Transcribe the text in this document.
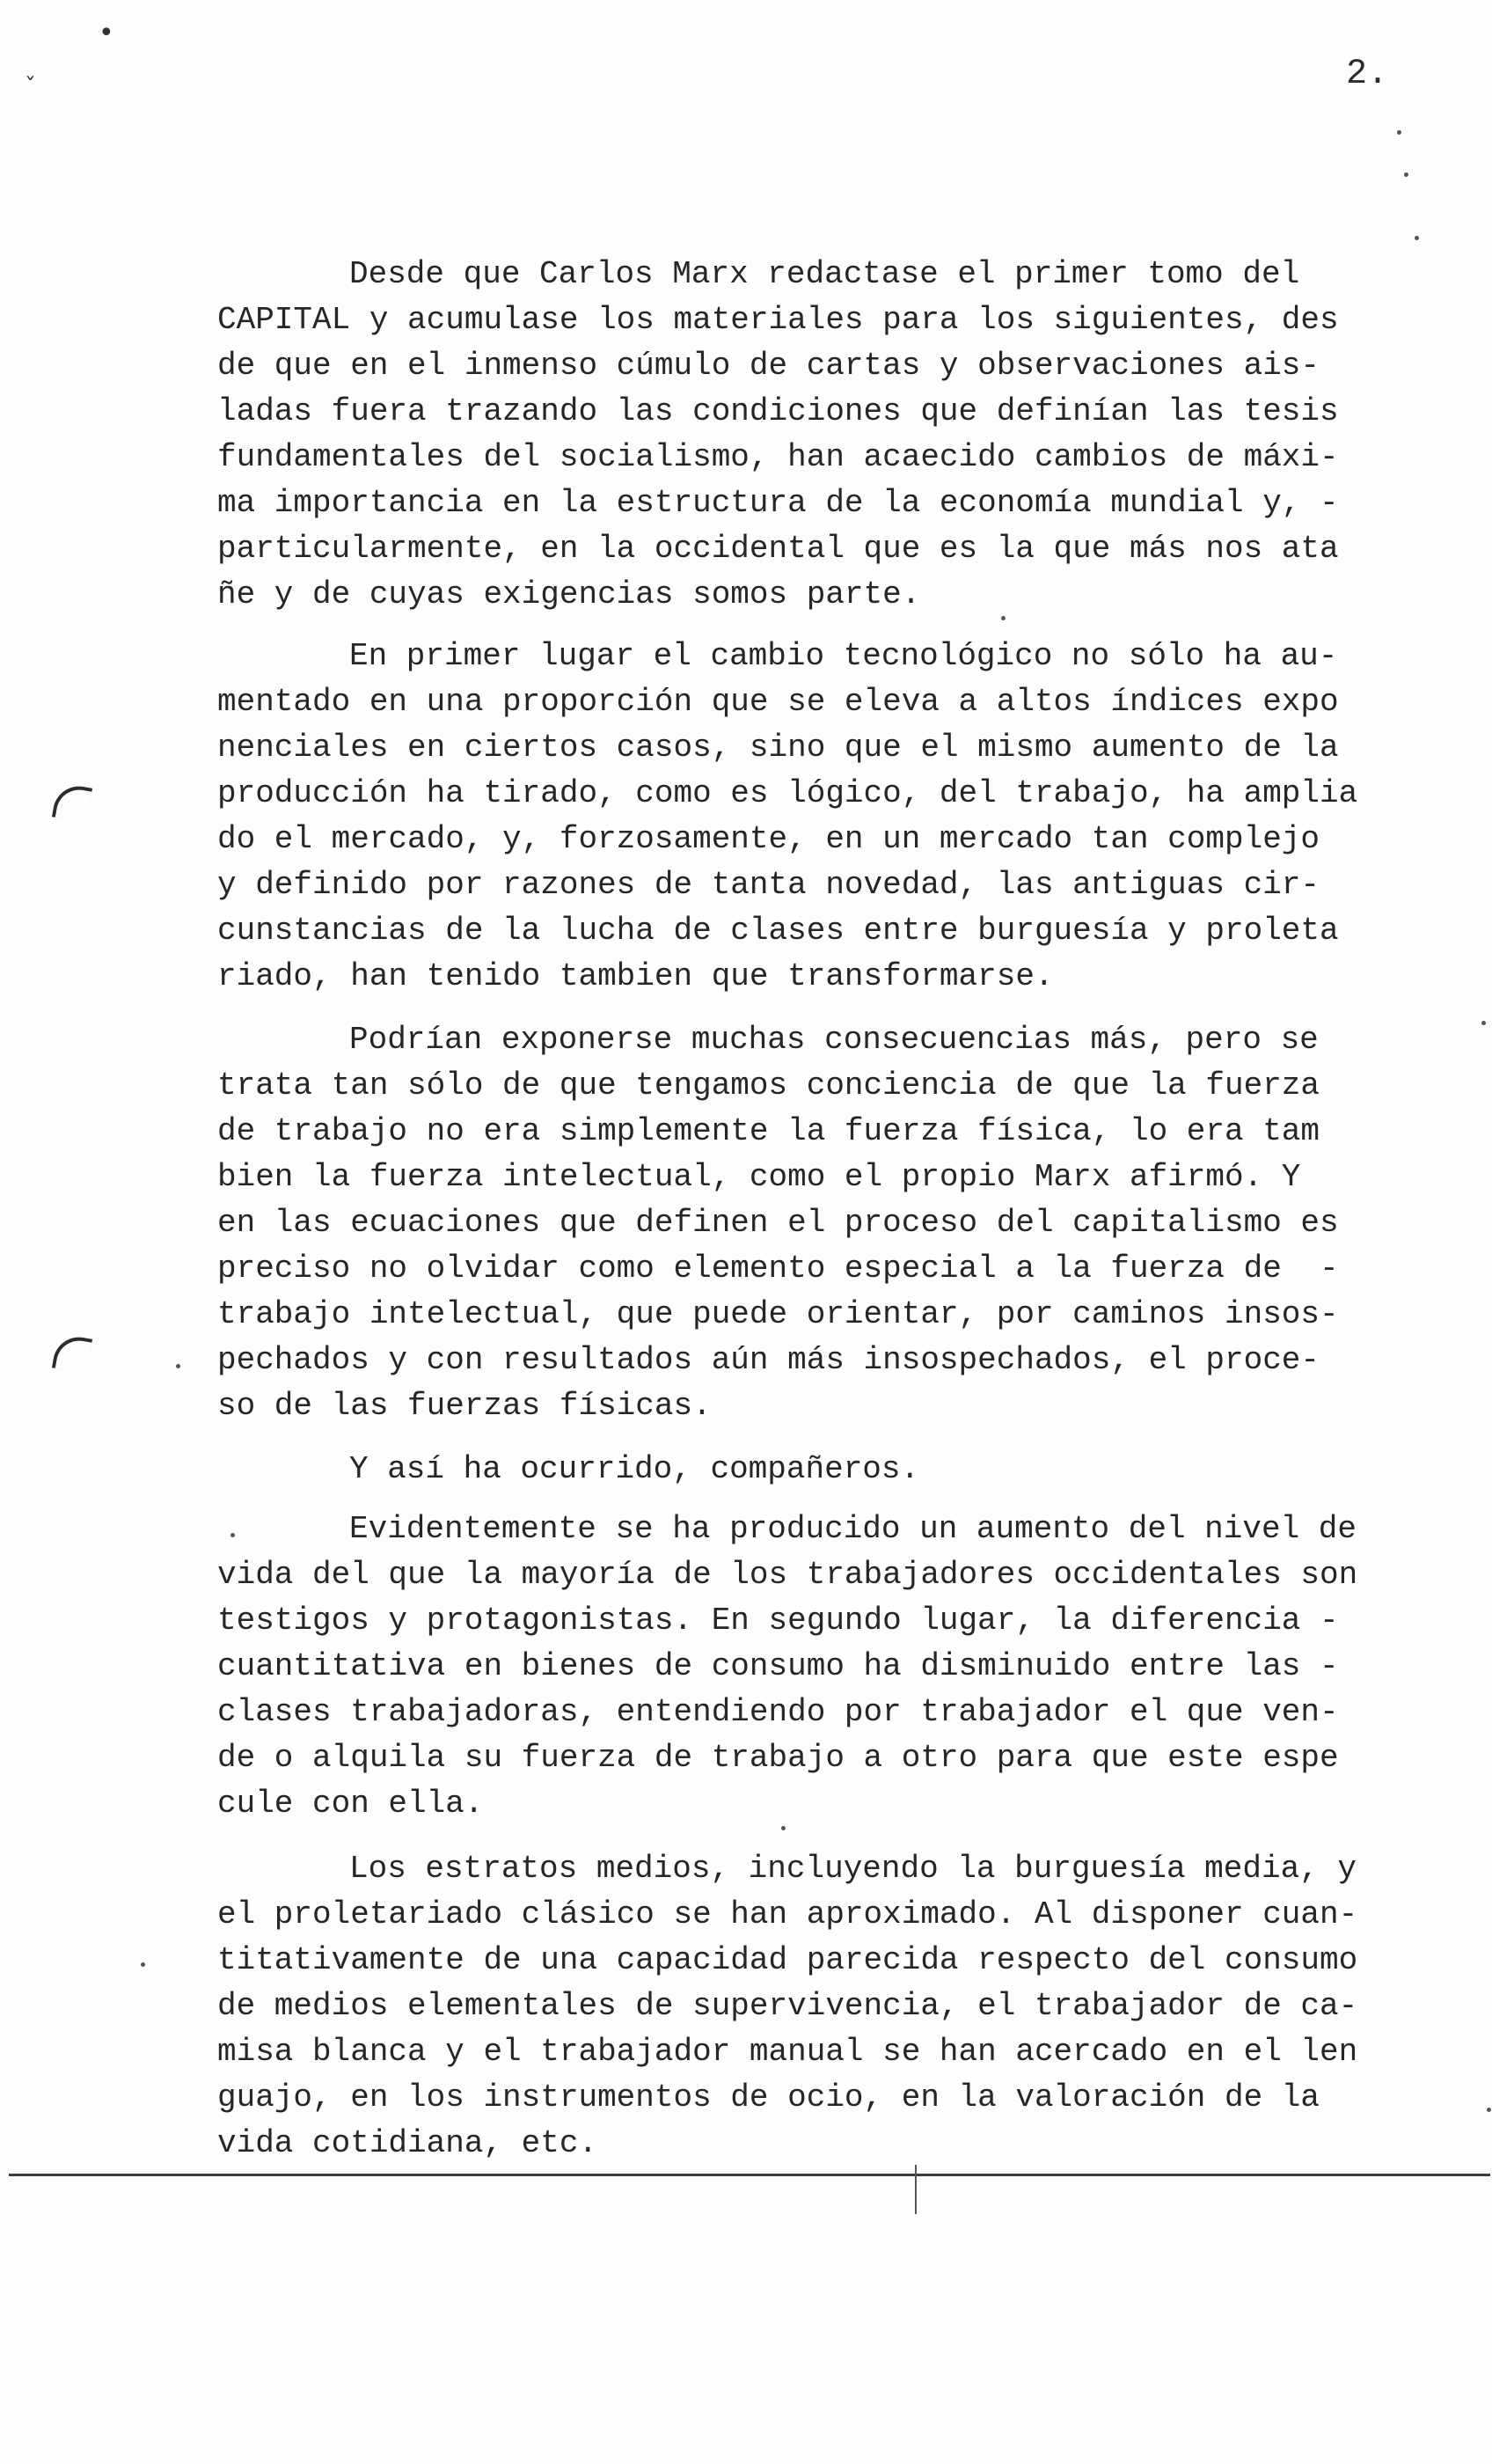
•
ˇ	2.
Desde que Carlos Marx redactase el primer tomo del
CAPITAL y acumulase los materiales para los siguientes, des
de que en el inmenso cúmulo de cartas y observaciones ais-
ladas fuera trazando las condiciones que definían las tesis
fundamentales del socialismo, han acaecido cambios de máxi-
ma importancia en la estructura de la economía mundial y, -
particularmente, en la occidental que es la que más nos ata
ñe y de cuyas exigencias somos parte.
En primer lugar el cambio tecnológico no sólo ha au-
mentado en una proporción que se eleva a altos índices expo
nenciales en ciertos casos, sino que el mismo aumento de la
producción ha tirado, como es lógico, del trabajo, ha amplia
do el mercado, y, forzosamente, en un mercado tan complejo
y definido por razones de tanta novedad, las antiguas cir-
cunstancias de la lucha de clases entre burguesía y proleta
riado, han tenido tambien que transformarse.
Podrían exponerse muchas consecuencias más, pero se
trata tan sólo de que tengamos conciencia de que la fuerza
de trabajo no era simplemente la fuerza física, lo era tam
bien la fuerza intelectual, como el propio Marx afirmó. Y
en las ecuaciones que definen el proceso del capitalismo es
preciso no olvidar como elemento especial a la fuerza de  -
trabajo intelectual, que puede orientar, por caminos insos-
pechados y con resultados aún más insospechados, el proce-
so de las fuerzas físicas.
Y así ha ocurrido, compañeros.
Evidentemente se ha producido un aumento del nivel de
vida del que la mayoría de los trabajadores occidentales son
testigos y protagonistas. En segundo lugar, la diferencia -
cuantitativa en bienes de consumo ha disminuido entre las -
clases trabajadoras, entendiendo por trabajador el que ven-
de o alquila su fuerza de trabajo a otro para que este espe
cule con ella.
Los estratos medios, incluyendo la burguesía media, y
el proletariado clásico se han aproximado. Al disponer cuan-
titativamente de una capacidad parecida respecto del consumo
de medios elementales de supervivencia, el trabajador de ca-
misa blanca y el trabajador manual se han acercado en el len
guajo, en los instrumentos de ocio, en la valoración de la
vida cotidiana, etc.
